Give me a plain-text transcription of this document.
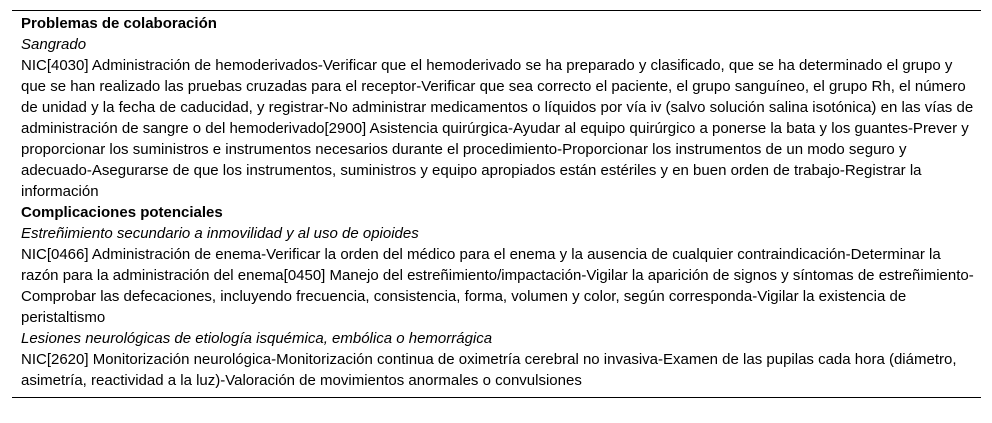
Problemas de colaboración
Sangrado
NIC[4030] Administración de hemoderivados-Verificar que el hemoderivado se ha preparado y clasificado, que se ha determinado el grupo y que se han realizado las pruebas cruzadas para el receptor-Verificar que sea correcto el paciente, el grupo sanguíneo, el grupo Rh, el número de unidad y la fecha de caducidad, y registrar-No administrar medicamentos o líquidos por vía iv (salvo solución salina isotónica) en las vías de administración de sangre o del hemoderivado[2900] Asistencia quirúrgica-Ayudar al equipo quirúrgico a ponerse la bata y los guantes-Prever y proporcionar los suministros e instrumentos necesarios durante el procedimiento-Proporcionar los instrumentos de un modo seguro y adecuado-Asegurarse de que los instrumentos, suministros y equipo apropiados están estériles y en buen orden de trabajo-Registrar la información
Complicaciones potenciales
Estreñimiento secundario a inmovilidad y al uso de opioides
NIC[0466] Administración de enema-Verificar la orden del médico para el enema y la ausencia de cualquier contraindicación-Determinar la razón para la administración del enema[0450] Manejo del estreñimiento/impactación-Vigilar la aparición de signos y síntomas de estreñimiento-Comprobar las defecaciones, incluyendo frecuencia, consistencia, forma, volumen y color, según corresponda-Vigilar la existencia de peristaltismo
Lesiones neurológicas de etiología isquémica, embólica o hemorrágica
NIC[2620] Monitorización neurológica-Monitorización continua de oximetría cerebral no invasiva-Examen de las pupilas cada hora (diámetro, asimetría, reactividad a la luz)-Valoración de movimientos anormales o convulsiones
